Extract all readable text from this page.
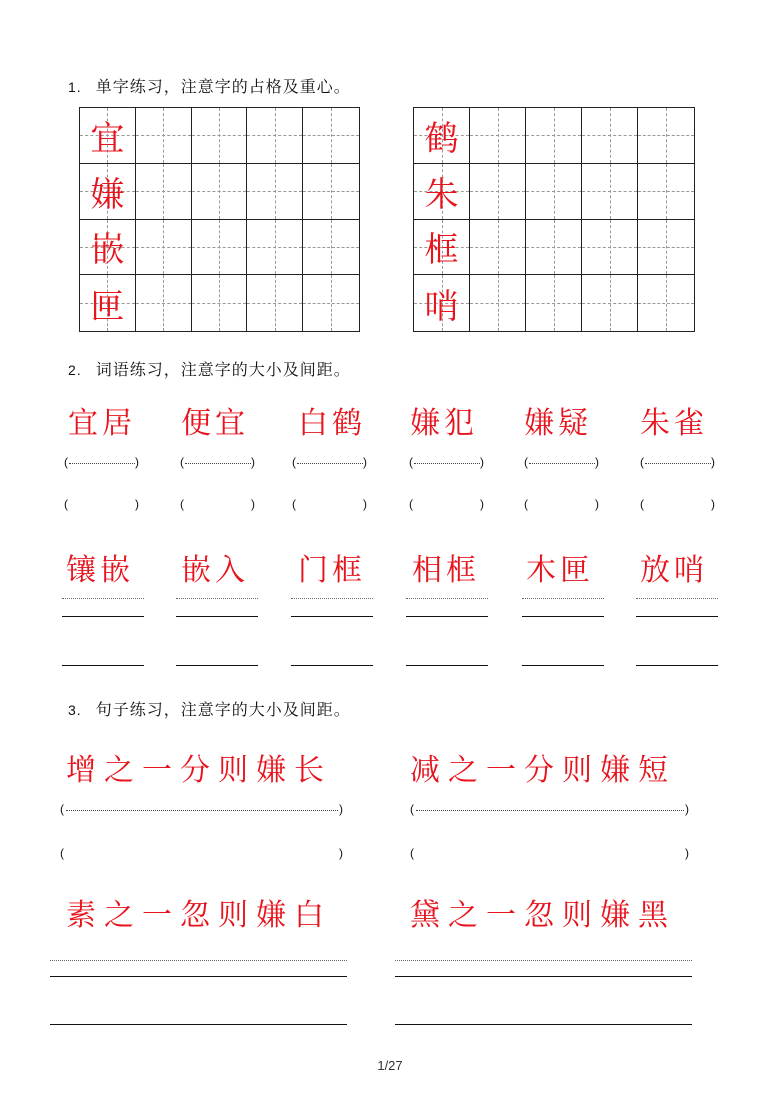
1. 单字练习，注意字的占格及重心。
宜
嫌
嵌
匣
鹤
朱
框
哨
2. 词语练习，注意字的大小及间距。
宜居 便宜 白鹤 嫌犯 嫌疑 朱雀
(	)	(	)	(	)	(	)	(	)	(	)
(	)	(	)	(	)	(	)	(	)	(	)
镶嵌 嵌入 门框 相框 木匣 放哨
3. 句子练习，注意字的大小及间距。
增之一分则嫌长	减之一分则嫌短
(	)	(	)
(	)	(	)
素之一忽则嫌白	黛之一忽则嫌黑
1/27
